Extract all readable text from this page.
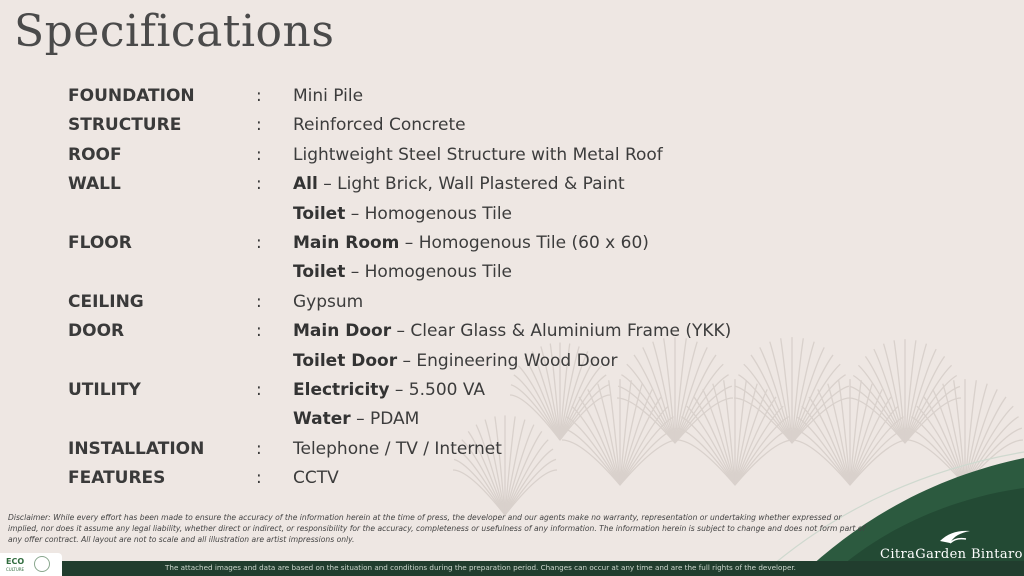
Specifications
FOUNDATION	: Mini Pile
STRUCTURE	: Reinforced Concrete
ROOF	: Lightweight Steel Structure with Metal Roof
WALL	: All – Light Brick, Wall Plastered & Paint
Toilet – Homogenous Tile
FLOOR	: Main Room – Homogenous Tile (60 x 60)
Toilet – Homogenous Tile
CEILING	: Gypsum
DOOR	: Main Door – Clear Glass & Aluminium Frame (YKK)
Toilet Door – Engineering Wood Door
UTILITY	: Electricity – 5.500 VA
Water – PDAM
INSTALLATION	: Telephone / TV / Internet
FEATURES	: CCTV
Disclaimer: While every effort has been made to ensure the accuracy of the information herein at the time of press, the developer and our agents make no warranty, representation or undertaking whether expressed or implied, nor does it assume any legal liability, whether direct or indirect, or responsibility for the accuracy, completeness or usefulness of any information. The information herein is subject to change and does not form part of any offer contract. All layout are not to scale and all illustration are artist impressions only.
The attached images and data are based on the situation and conditions during the preparation period. Changes can occur at any time and are the full rights of the developer.
ECO
CULTURE
CitraGarden Bintaro
